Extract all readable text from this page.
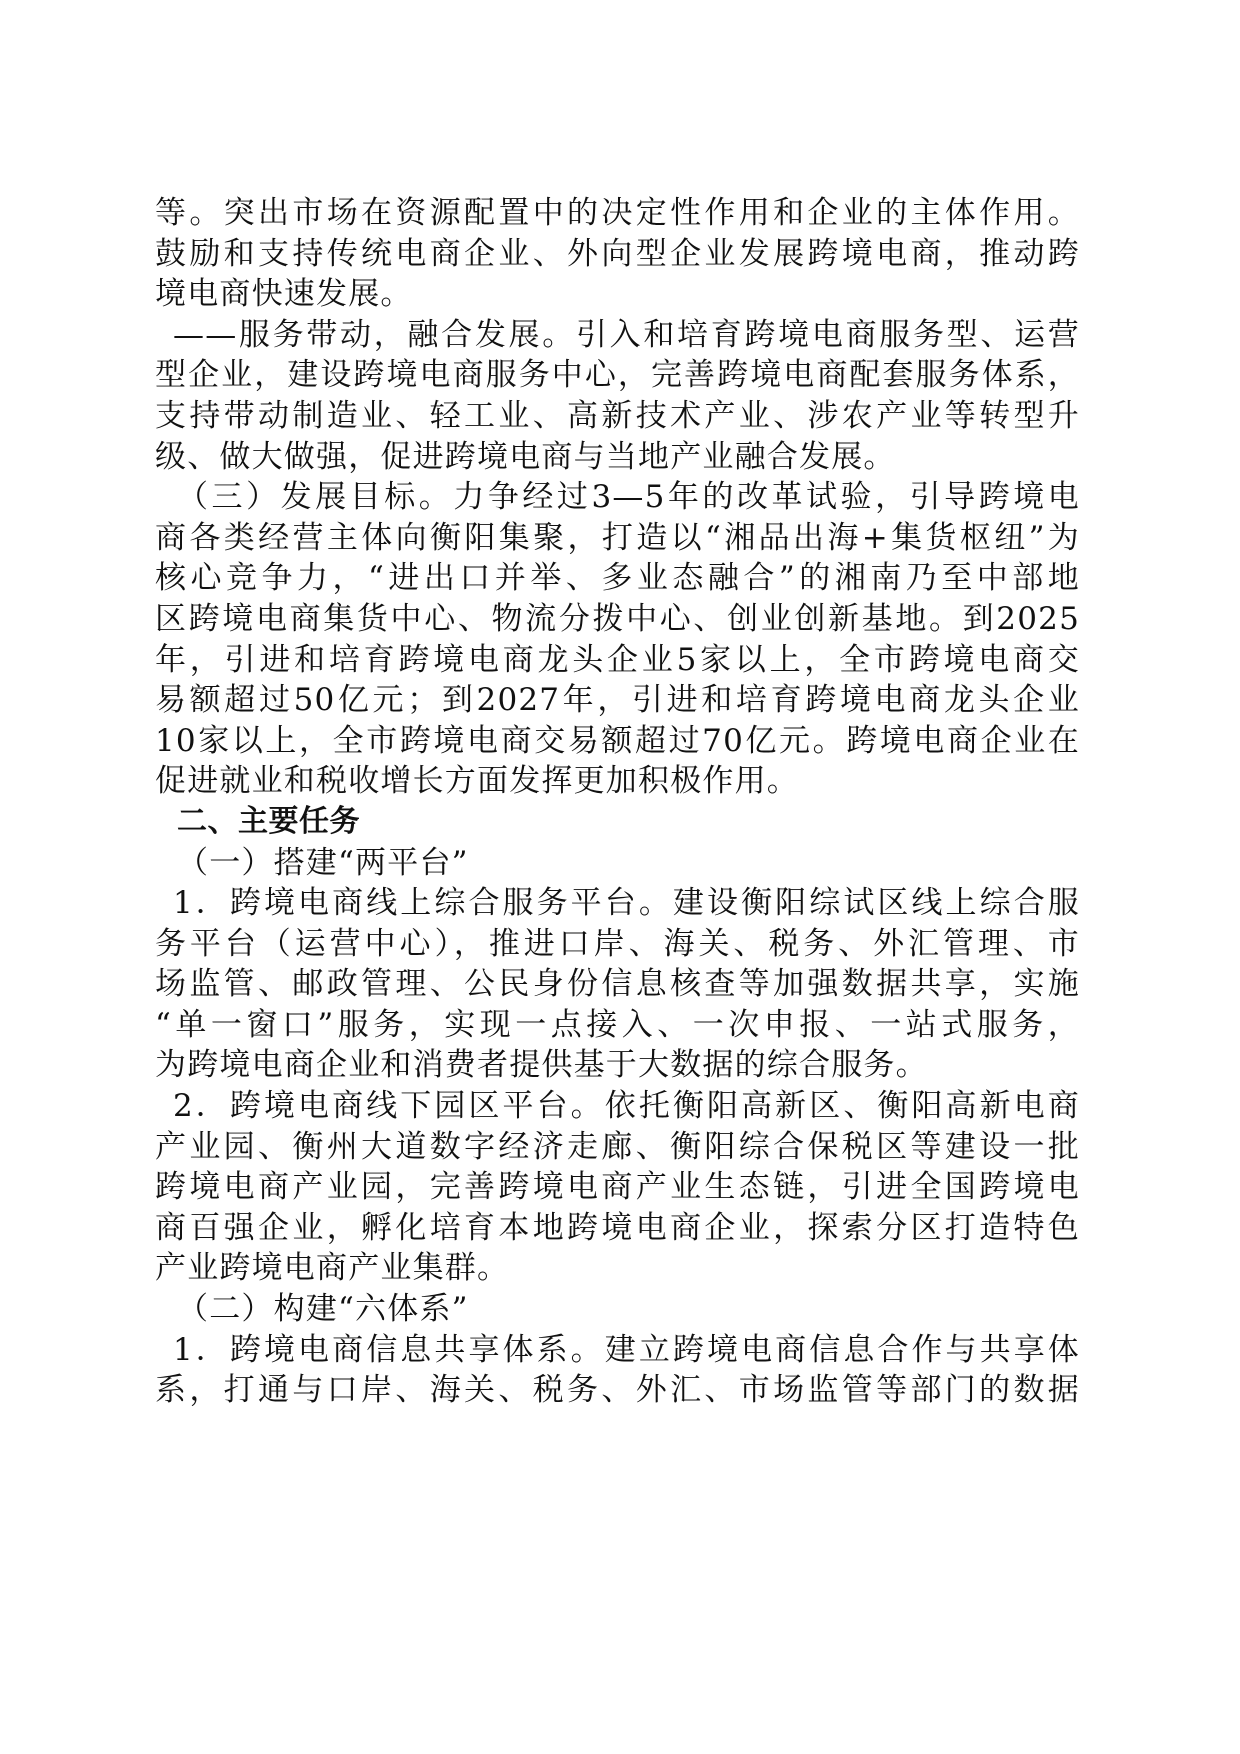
等。突出市场在资源配置中的决定性作用和企业的主体作用。
鼓励和支持传统电商企业、外向型企业发展跨境电商，推动跨
境电商快速发展。
——服务带动，融合发展。引入和培育跨境电商服务型、运营
型企业，建设跨境电商服务中心，完善跨境电商配套服务体系，
支持带动制造业、轻工业、高新技术产业、涉农产业等转型升
级、做大做强，促进跨境电商与当地产业融合发展。
（三）发展目标。力争经过3—5年的改革试验，引导跨境电
商各类经营主体向衡阳集聚，打造以“湘品出海+集货枢纽”为
核心竞争力，“进出口并举、多业态融合”的湘南乃至中部地
区跨境电商集货中心、物流分拨中心、创业创新基地。到2025
年，引进和培育跨境电商龙头企业5家以上，全市跨境电商交
易额超过50亿元；到2027年，引进和培育跨境电商龙头企业
10家以上，全市跨境电商交易额超过70亿元。跨境电商企业在
促进就业和税收增长方面发挥更加积极作用。
二、主要任务
（一）搭建“两平台”
1．跨境电商线上综合服务平台。建设衡阳综试区线上综合服
务平台（运营中心），推进口岸、海关、税务、外汇管理、市
场监管、邮政管理、公民身份信息核查等加强数据共享，实施
“单一窗口”服务，实现一点接入、一次申报、一站式服务，
为跨境电商企业和消费者提供基于大数据的综合服务。
2．跨境电商线下园区平台。依托衡阳高新区、衡阳高新电商
产业园、衡州大道数字经济走廊、衡阳综合保税区等建设一批
跨境电商产业园，完善跨境电商产业生态链，引进全国跨境电
商百强企业，孵化培育本地跨境电商企业，探索分区打造特色
产业跨境电商产业集群。
（二）构建“六体系”
1．跨境电商信息共享体系。建立跨境电商信息合作与共享体
系，打通与口岸、海关、税务、外汇、市场监管等部门的数据
